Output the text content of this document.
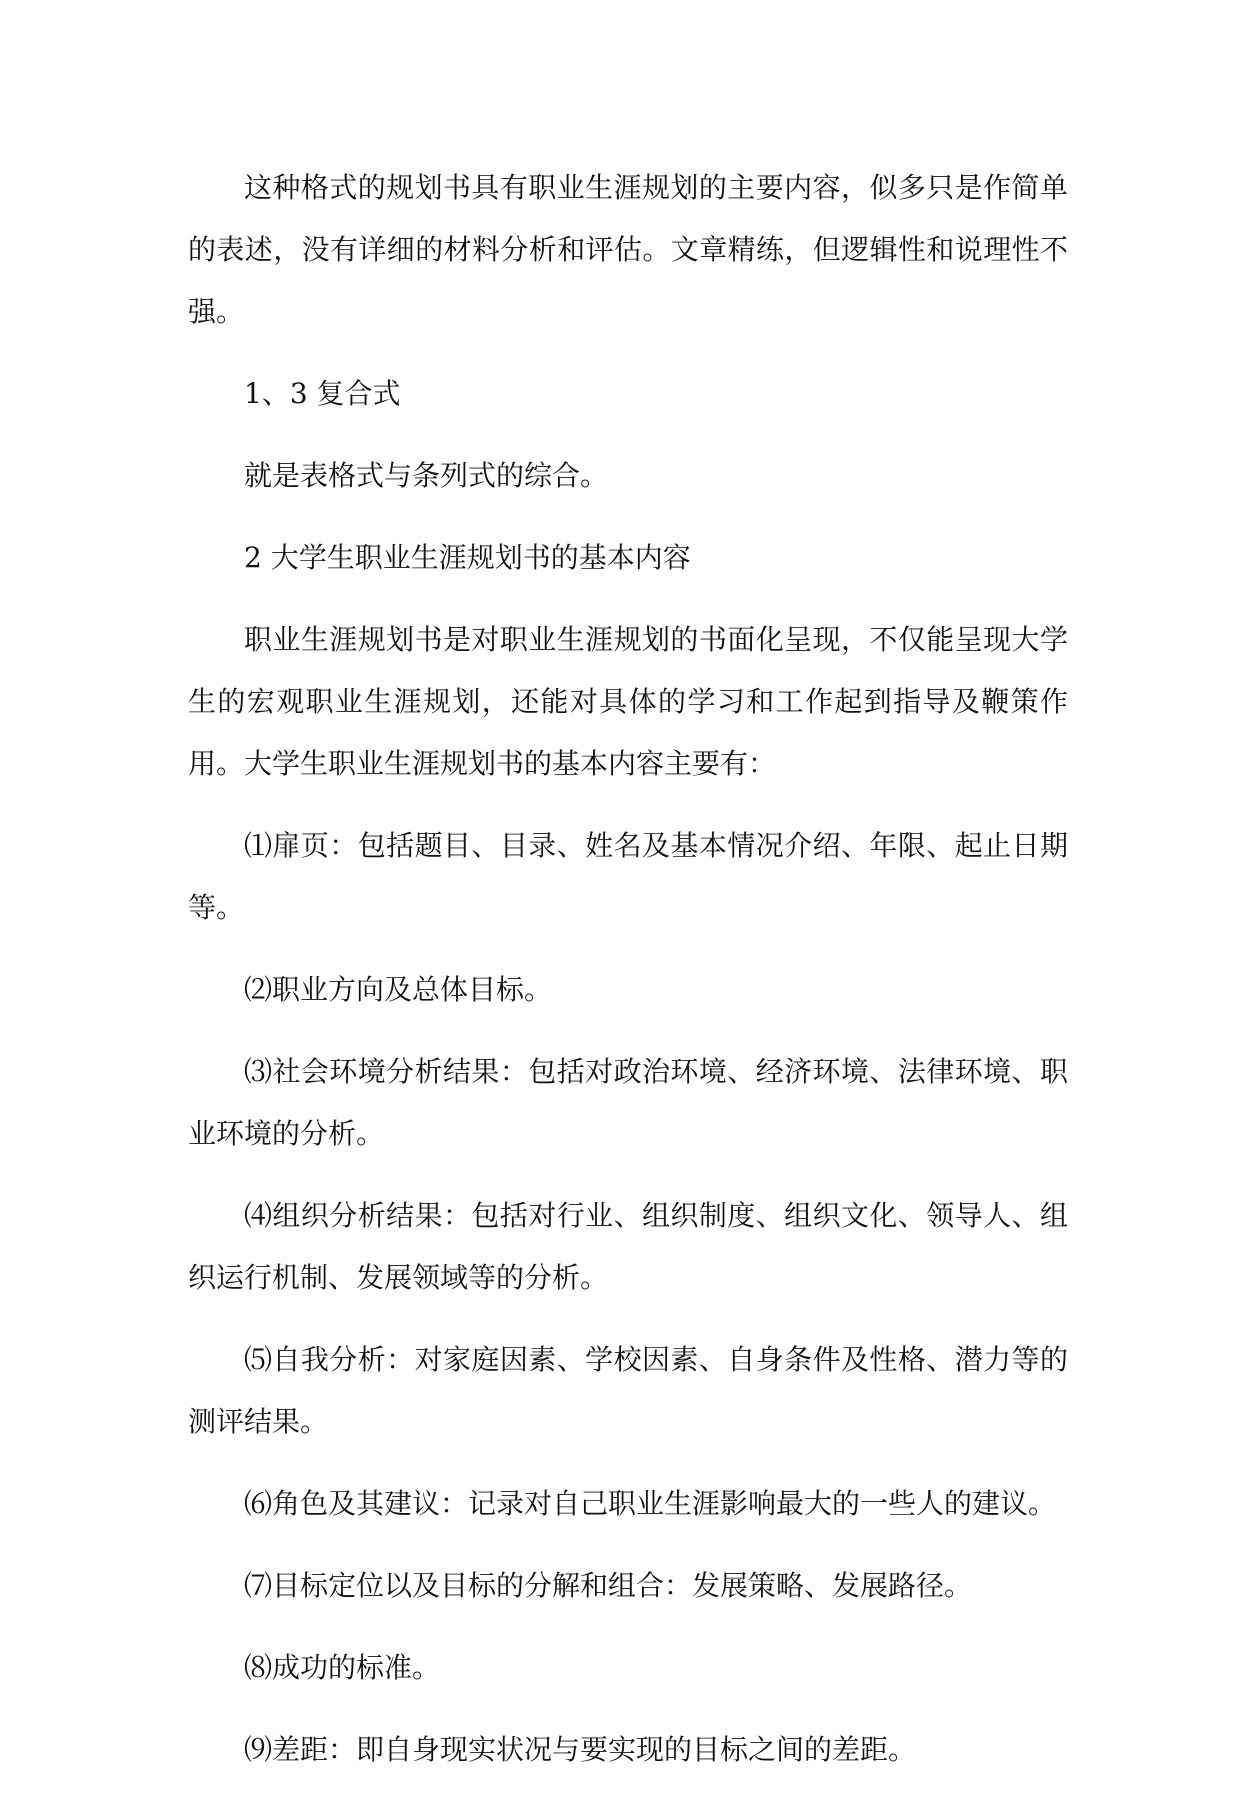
这种格式的规划书具有职业生涯规划的主要内容，似多只是作简单的表述，没有详细的材料分析和评估。文章精练，但逻辑性和说理性不强。

1、3 复合式

就是表格式与条列式的综合。

2 大学生职业生涯规划书的基本内容

职业生涯规划书是对职业生涯规划的书面化呈现，不仅能呈现大学生的宏观职业生涯规划，还能对具体的学习和工作起到指导及鞭策作用。大学生职业生涯规划书的基本内容主要有：

⑴扉页：包括题目、目录、姓名及基本情况介绍、年限、起止日期等。

⑵职业方向及总体目标。

⑶社会环境分析结果：包括对政治环境、经济环境、法律环境、职业环境的分析。

⑷组织分析结果：包括对行业、组织制度、组织文化、领导人、组织运行机制、发展领域等的分析。

⑸自我分析：对家庭因素、学校因素、自身条件及性格、潜力等的测评结果。

⑹角色及其建议：记录对自己职业生涯影响最大的一些人的建议。

⑺目标定位以及目标的分解和组合：发展策略、发展路径。

⑻成功的标准。

⑼差距：即自身现实状况与要实现的目标之间的差距。
